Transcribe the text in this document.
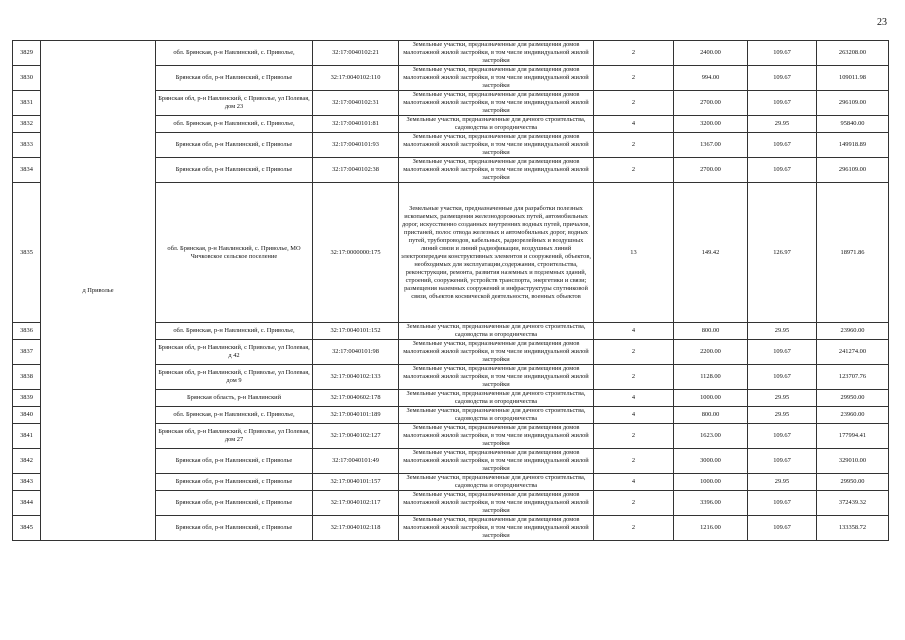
23
3829	д Приволье	обл. Брянская, р-н Навлинский, с. Приволье,	32:17:0040102:21	Земельные участки, предназначенные для размещения домов малоэтажной жилой застройки, в том числе индивидуальной жилой застройки	2	2400.00	109.67	263208.00
3830		Брянская обл, р-н Навлинский, с Приволье	32:17:0040102:110	Земельные участки, предназначенные для размещения домов малоэтажной жилой застройки, в том числе индивидуальной жилой застройки	2	994.00	109.67	109011.98
3831		Брянская обл, р-н Навлинский, с Приволье, ул Полевая, дом 23	32:17:0040102:31	Земельные участки, предназначенные для размещения домов малоэтажной жилой застройки, в том числе индивидуальной жилой застройки	2	2700.00	109.67	296109.00
3832		обл. Брянская, р-н Навлинский, с. Приволье,	32:17:0040101:81	Земельные участки, предназначенные для дачного строительства, садоводства и огородничества	4	3200.00	29.95	95840.00
3833		Брянская обл, р-н Навлинский, с Приволье	32:17:0040101:93	Земельные участки, предназначенные для размещения домов малоэтажной жилой застройки, в том числе индивидуальной жилой застройки	2	1367.00	109.67	149918.89
3834		Брянская обл, р-н Навлинский, с Приволье	32:17:0040102:38	Земельные участки, предназначенные для размещения домов малоэтажной жилой застройки, в том числе индивидуальной жилой застройки	2	2700.00	109.67	296109.00
3835		обл. Брянская, р-н Навлинский, с. Приволье, МО Чичковское сельское поселение	32:17:0000000:175	Земельные участки, предназначенные для разработки полезных ископаемых, размещения железнодорожных путей, автомобильных дорог, искусственно созданных внутренних водных путей, причалов, пристаней, полос отвода железных и автомобильных дорог, водных путей, трубопроводов, кабельных, радиорелейных и воздушных линий связи и линий радиофикации, воздушных линий электропередачи конструктивных элементов и сооружений, объектов, необходимых для эксплуатации,содержания, строительства, реконструкции, ремонта, развития наземных и подземных зданий, строений, сооружений, устройств транспорта, энергетики и связи; размещения наземных сооружений и инфраструктуры спутниковой связи, объектов космической деятельности, военных объектов	13	149.42	126.97	18971.86
3836		обл. Брянская, р-н Навлинский, с. Приволье,	32:17:0040101:152	Земельные участки, предназначенные для дачного строительства, садоводства и огородничества	4	800.00	29.95	23960.00
3837		Брянская обл, р-н Навлинский, с Приволье, ул Полевая, д 42	32:17:0040101:98	Земельные участки, предназначенные для размещения домов малоэтажной жилой застройки, в том числе индивидуальной жилой застройки	2	2200.00	109.67	241274.00
3838		Брянская обл, р-н Навлинский, с Приволье, ул Полевая, дом 9	32:17:0040102:133	Земельные участки, предназначенные для размещения домов малоэтажной жилой застройки, в том числе индивидуальной жилой застройки	2	1128.00	109.67	123707.76
3839		Брянская область, р-н Навлинский	32:17:0040602:178	Земельные участки, предназначенные для дачного строительства, садоводства и огородничества	4	1000.00	29.95	29950.00
3840		обл. Брянская, р-н Навлинский, с. Приволье,	32:17:0040101:189	Земельные участки, предназначенные для дачного строительства, садоводства и огородничества	4	800.00	29.95	23960.00
3841		Брянская обл, р-н Навлинский, с Приволье, ул Полевая, дом 27	32:17:0040102:127	Земельные участки, предназначенные для размещения домов малоэтажной жилой застройки, в том числе индивидуальной жилой застройки	2	1623.00	109.67	177994.41
3842		Брянская обл, р-н Навлинский, с Приволье	32:17:0040101:49	Земельные участки, предназначенные для размещения домов малоэтажной жилой застройки, в том числе индивидуальной жилой застройки	2	3000.00	109.67	329010.00
3843		Брянская обл, р-н Навлинский, с Приволье	32:17:0040101:157	Земельные участки, предназначенные для дачного строительства, садоводства и огородничества	4	1000.00	29.95	29950.00
3844		Брянская обл, р-н Навлинский, с Приволье	32:17:0040102:117	Земельные участки, предназначенные для размещения домов малоэтажной жилой застройки, в том числе индивидуальной жилой застройки	2	3396.00	109.67	372439.32
3845		Брянская обл, р-н Навлинский, с Приволье	32:17:0040102:118	Земельные участки, предназначенные для размещения домов малоэтажной жилой застройки, в том числе индивидуальной жилой застройки	2	1216.00	109.67	133358.72
